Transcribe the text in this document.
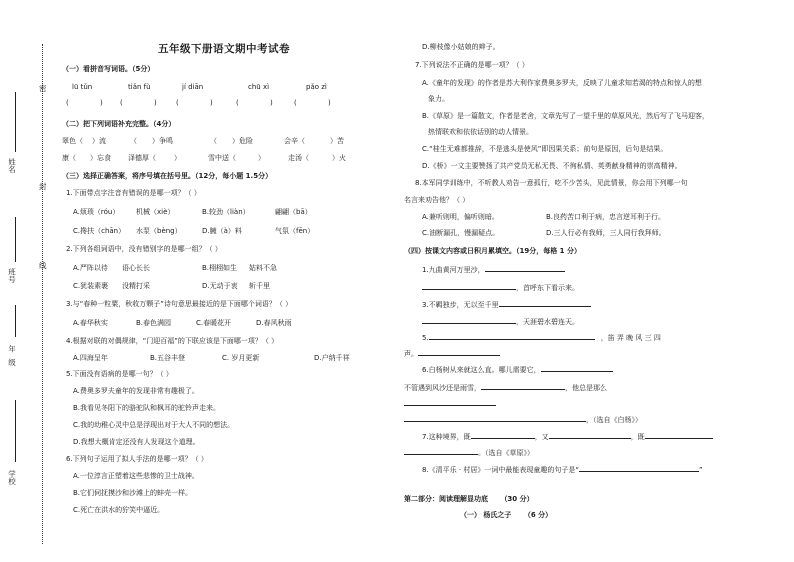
密
封
线
姓名
班号
年级
学校
五年级下册语文期中考试卷
（一）看拼音写词语。（5分）
lū tǔn	tiǎn fù	jí diān	chū xì	pǎo zì
(	) (	)	(	)	(	)	(	)
（二）把下列词语补充完整。（4分）
翠色（ ）流	（ ）争鸣	（ ）危险	会辛（	）苦
康（ ）忘食 泽德厚（	）	雪中送（	）	走汤（	）火
（三）选择正确答案，将序号填在括号里。（12分，每小题 1.5分）
1.下面带点字注音有错误的是哪一项？（ ）
A.烦琐（róu） 机械（xiè）	B.较劲（liàn）	翩翩（bā）
C.搀扶（chān） 水泵（bèng）	D.臃（à）料	气氛（fēn）
2.下列各组词语中，没有错别字的是哪一组？（ ）
A.严阵以待 语心长长	B.栩栩如生 姑料不急
C.犹装素裹 没精打采	D.无动于衷 斩千里
3.与“春种一粒粟，秋收万颗子”诗句意思最接近的是下面哪个词语？（ ）
A.春华秋实	B.春色满园	C.春暖花开	D.春风秋雨
4.根据对联的对偶规律，“门迎百福”的下联应该是下面哪一项？（ ）
A.四海呈年	B.五谷丰登	C. 岁月更新	D.户纳千祥
5.下面没有语病的是哪一句？（ ）
A.费奥多罗夫童年的发现非常有趣极了。
B.我看见冬阳下的骆驼队和枫耳的驼铃声走来。
C.我的幼稚心灵中总是浮现出对于大人不同的想法。
D.我想大概肯定还没有人发现这个道理。
6.下列句子运用了拟人手法的是哪一项？（ ）
A.一位淳言正塑着这些悲惨的卫士战神。
B.它们伺抚摸沙和沙滩上的蚌壳一样。
C.死亡在洪水的狞笑中逼近。
D.柳枝像小姑娘的辫子。
7.下列说法不正确的是哪一项？（ ）
A.《童年的发现》的作者是苏大利作家费奥多罗夫，反映了儿童求知若渴的特点和惊人的想
象力。
B.《草原》是一篇散文，作者是老舍，文章先写了一望千里的草原风光，然后写了飞马迎客，
热情联欢和依依话别的动人情景。
C.“桂生无难都推辞，不是逃头是使风”即因果关系；前句是原因，后句是结果。
D.《桥》一文主要赞扬了共产党员无私无畏、不徇私情、英勇献身精神的崇高精神。
8.本军同学训练中，不听教人劝告一意孤行，吃不少苦头，见此情景，你会用下列哪一句
名言来劝告他？（ ）
A.兼听则明，偏听则暗。	B.良药苦口利于病，忠言逆耳利于行。
C.油断漏孔，慢漏疑点。	D.三人行必有我师，三人同行我拜师。
（四）按课文内容或日积月累填空。（19分，每格 1 分）
1.九曲黄河万里沙，
，首呼东下看示来。
3.不羁独步，无以至千里
，天涯碧水碧连天。
5.	，笛 弄 晚 风 三 四
声。
6.白杨树从来就这么直。哪儿需要它，
不管遇到风沙还是雨雪，	，他总是那么
，（选自《白杨》）
7.这种境界，既	，又	，既
。（选自《草原》）
8.《清平乐 · 村居》一词中最能表现童趣的句子是“	”
第二部分：阅读理解显功底 （30 分）
（一） 杨氏之子 （6 分）
